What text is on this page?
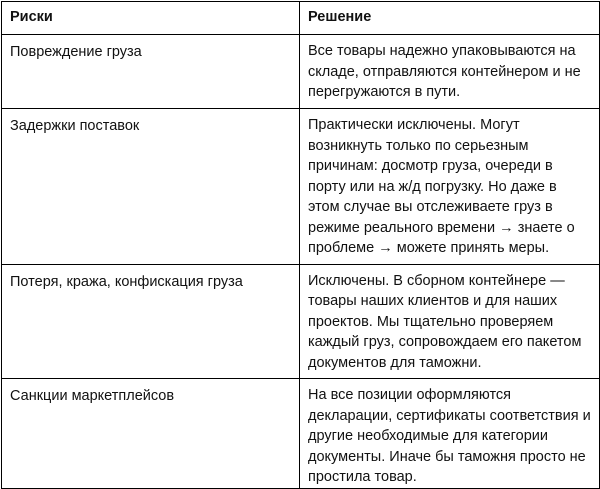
Риски	Решение
Повреждение груза	Все товары надежно упаковываются на складе, отправляются контейнером и не перегружаются в пути.
Задержки поставок	Практически исключены. Могут возникнуть только по серьезным причинам: досмотр груза, очереди в порту или на ж/д погрузку. Но даже в этом случае вы отслеживаете груз в режиме реального времени → знаете о проблеме → можете принять меры.
Потеря, кража, конфискация груза	Исключены. В сборном контейнере — товары наших клиентов и для наших проектов. Мы тщательно проверяем каждый груз, сопровождаем его пакетом документов для таможни.
Санкции маркетплейсов	На все позиции оформляются декларации, сертификаты соответствия и другие необходимые для категории документы. Иначе бы таможня просто не простила товар.
